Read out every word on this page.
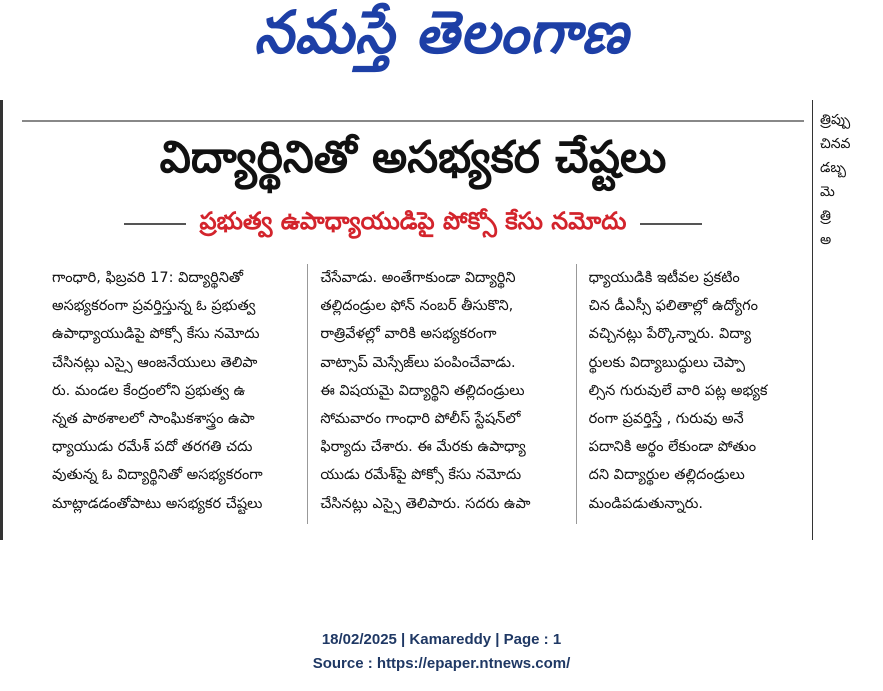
నమస్తే తెలంగాణ
త్రిప్పు
చినవ
డబ్బ
మె
త్రి
అ
విద్యార్థినితో అసభ్యకర చేష్టలు
ప్రభుత్వ ఉపాధ్యాయుడిపై పోక్సో కేసు నమోదు
గాంధారి, ఫిబ్రవరి 17: విద్యార్థినితో
అసభ్యకరంగా ప్రవర్తిస్తున్న ఓ ప్రభుత్వ
ఉపాధ్యాయుడిపై పోక్సో కేసు నమోదు
చేసినట్లు ఎస్సై ఆంజనేయులు తెలిపా
రు. మండల కేంద్రంలోని ప్రభుత్వ ఉ
న్నత పాఠశాలలో సాంఘికశాస్త్రం ఉపా
ధ్యాయుడు రమేశ్ పదో తరగతి చదు
వుతున్న ఓ విద్యార్థినితో అసభ్యకరంగా
మాట్లాడడంతోపాటు అసభ్యకర చేష్టలు
చేసేవాడు. అంతేగాకుండా విద్యార్థిని
తల్లిదండ్రుల ఫోన్ నంబర్ తీసుకొని,
రాత్రివేళల్లో వారికి అసభ్యకరంగా
వాట్సాప్ మెస్సేజ్‌లు పంపించేవాడు.
ఈ విషయమై విద్యార్థిని తల్లిదండ్రులు
సోమవారం గాంధారి పోలీస్ స్టేషన్‌లో
ఫిర్యాదు చేశారు. ఈ మేరకు ఉపాధ్యా
యుడు రమేశ్‌పై పోక్సో కేసు నమోదు
చేసినట్లు ఎస్సై తెలిపారు. సదరు ఉపా
ధ్యాయుడికి ఇటీవల ప్రకటిం
చిన డీఎస్సీ ఫలితాల్లో ఉద్యోగం
వచ్చినట్లు పేర్కొన్నారు. విద్యా
ర్థులకు విద్యాబుద్ధులు చెప్పా
ల్సిన గురువులే వారి పట్ల అభ్యక
రంగా ప్రవర్తిస్తే , గురువు అనే
పదానికి అర్థం లేకుండా పోతుం
దని విద్యార్థుల తల్లిదండ్రులు
మండిపడుతున్నారు.
18/02/2025 | Kamareddy | Page : 1
Source : https://epaper.ntnews.com/
